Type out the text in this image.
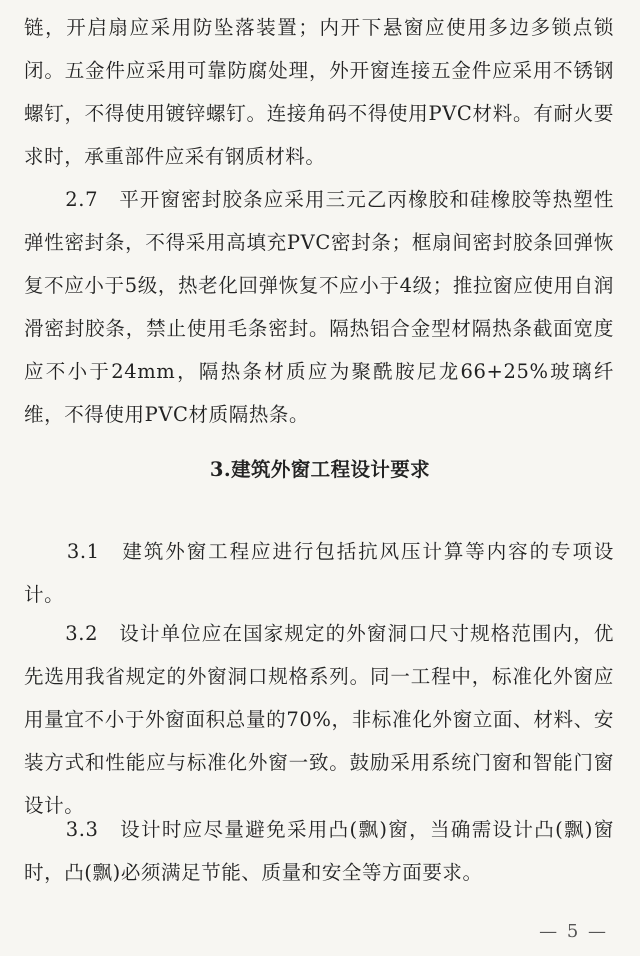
链，开启扇应采用防坠落装置；内开下悬窗应使用多边多锁点锁闭。五金件应采用可靠防腐处理，外开窗连接五金件应采用不锈钢螺钉，不得使用镀锌螺钉。连接角码不得使用PVC材料。有耐火要求时，承重部件应采有钢质材料。

　　2.7　平开窗密封胶条应采用三元乙丙橡胶和硅橡胶等热塑性弹性密封条，不得采用高填充PVC密封条；框扇间密封胶条回弹恢复不应小于5级，热老化回弹恢复不应小于4级；推拉窗应使用自润滑密封胶条，禁止使用毛条密封。隔热铝合金型材隔热条截面宽度应不小于24mm，隔热条材质应为聚酰胺尼龙66+25%玻璃纤维，不得使用PVC材质隔热条。

3.建筑外窗工程设计要求

　　3.1　建筑外窗工程应进行包括抗风压计算等内容的专项设计。

　　3.2　设计单位应在国家规定的外窗洞口尺寸规格范围内，优先选用我省规定的外窗洞口规格系列。同一工程中，标准化外窗应用量宜不小于外窗面积总量的70%，非标准化外窗立面、材料、安装方式和性能应与标准化外窗一致。鼓励采用系统门窗和智能门窗设计。

　　3.3　设计时应尽量避免采用凸(飘)窗，当确需设计凸(飘)窗时，凸(飘)必须满足节能、质量和安全等方面要求。

— 5 —
